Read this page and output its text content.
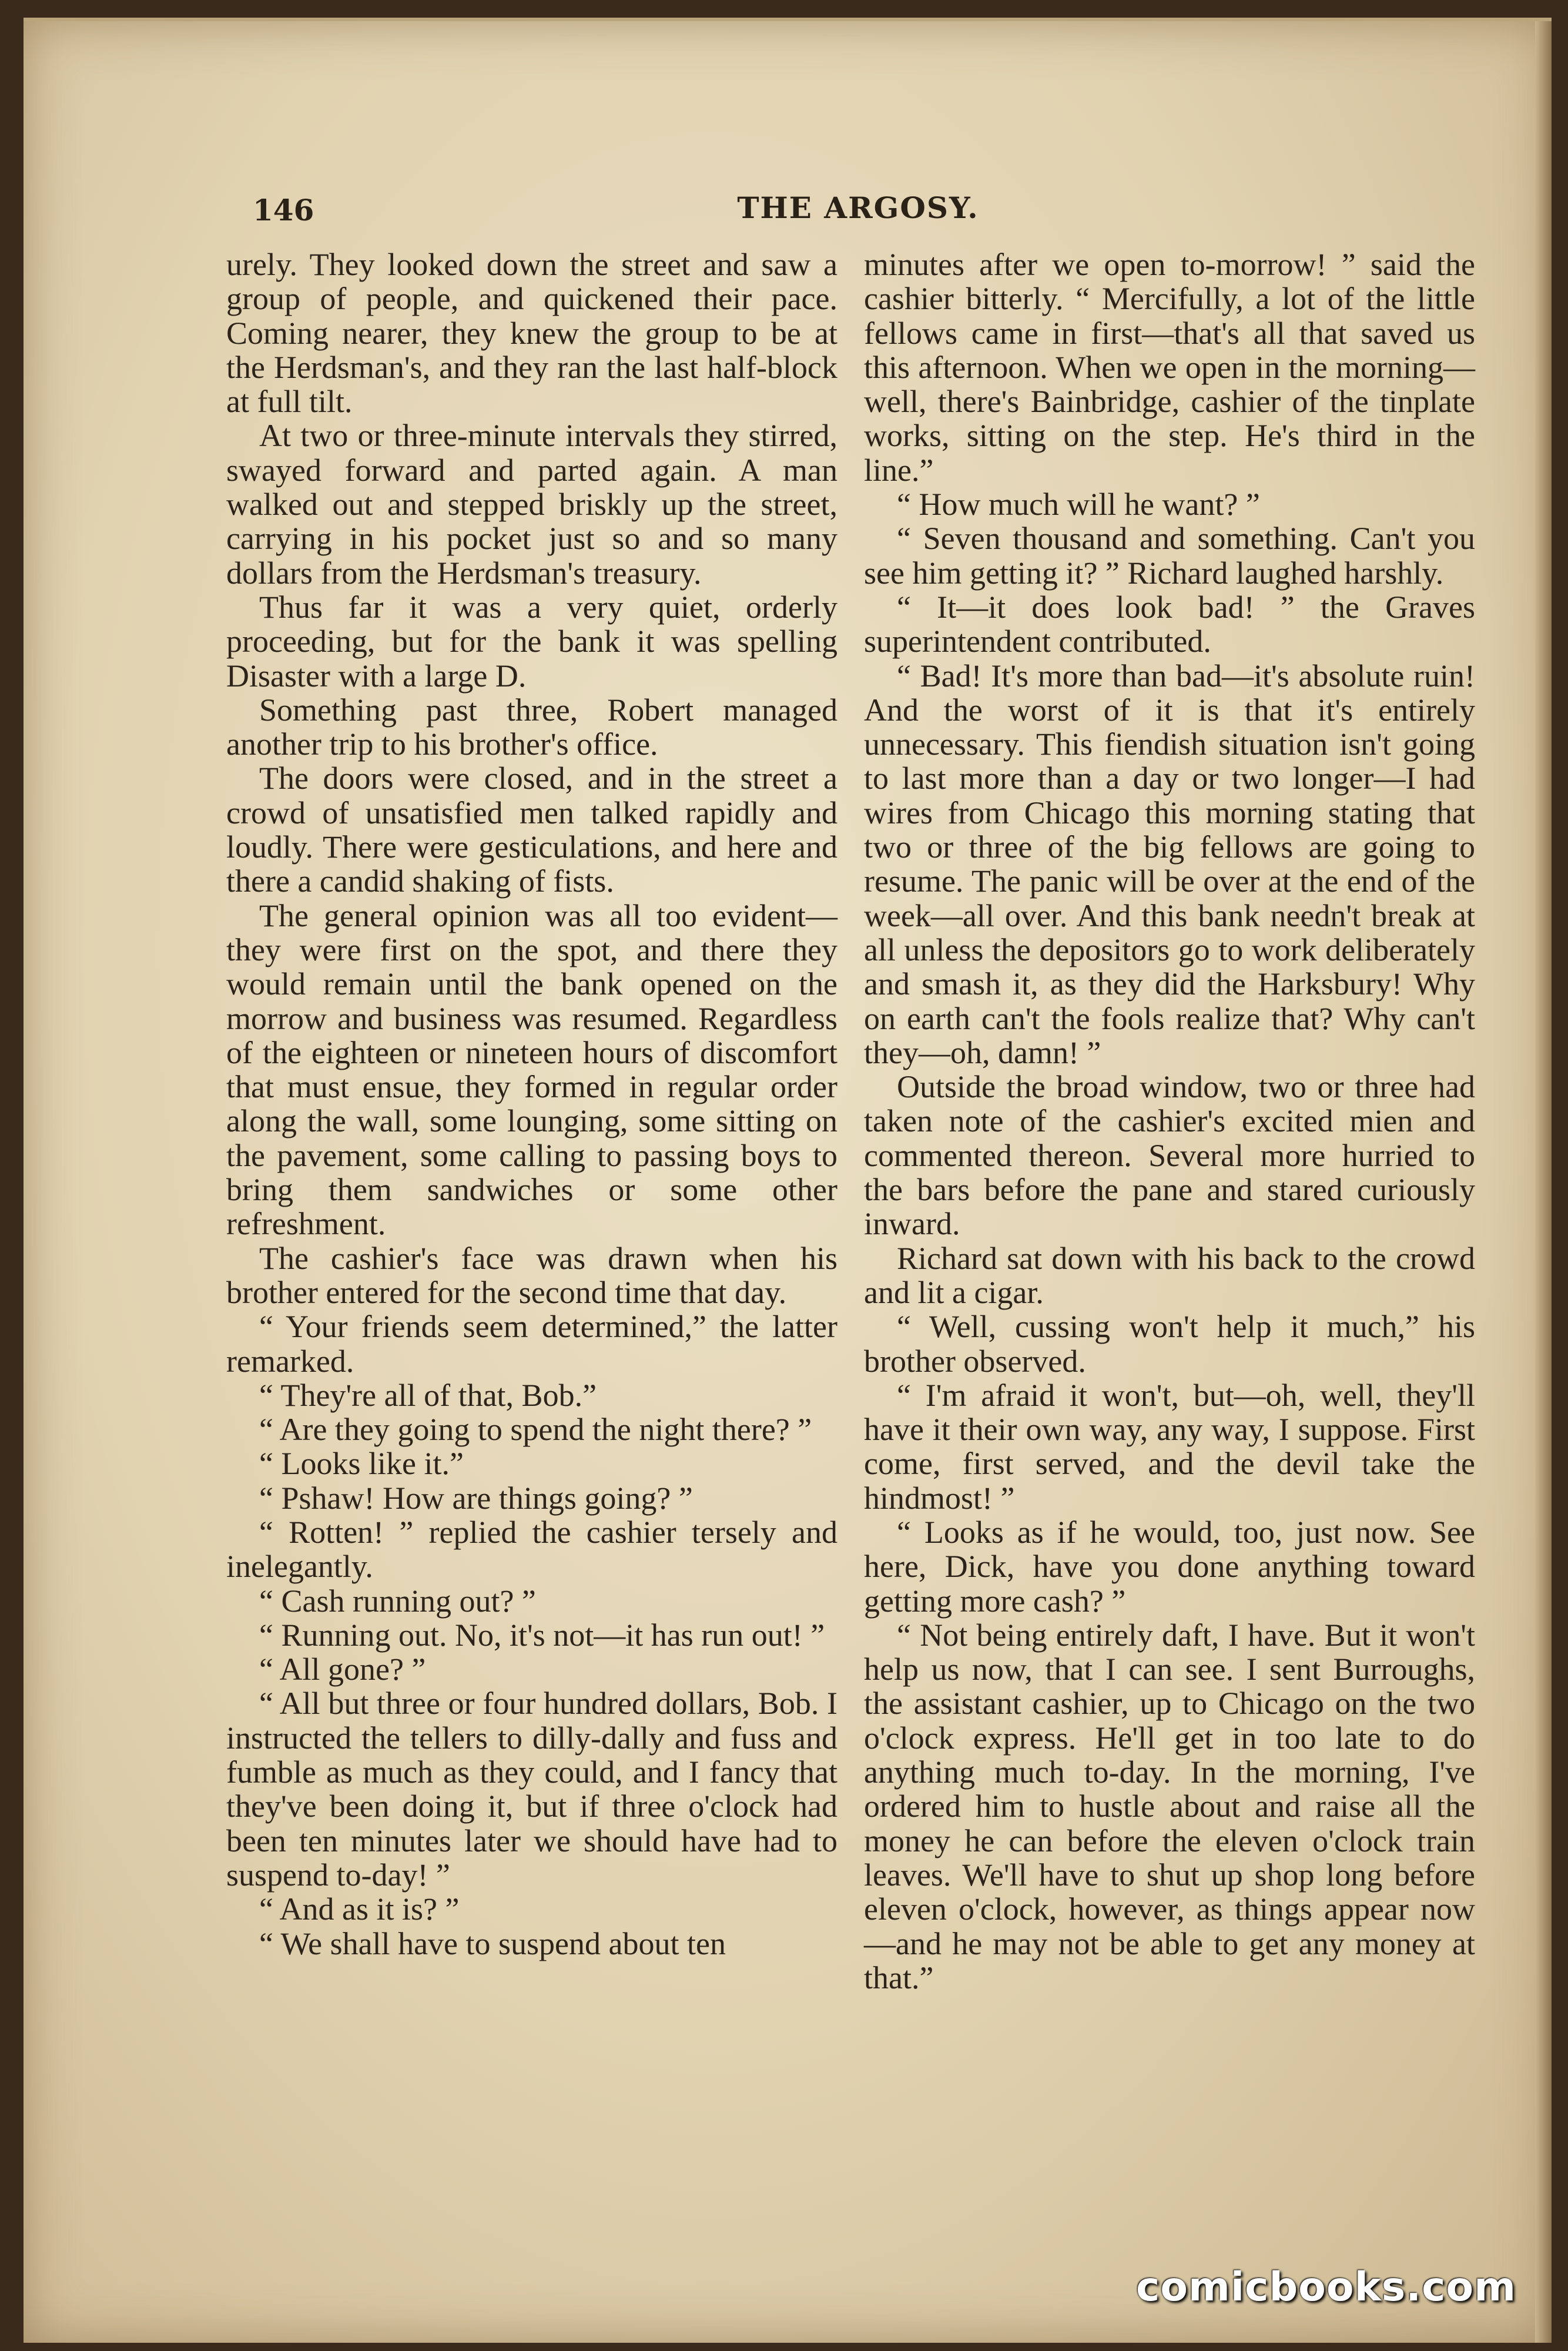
146	THE ARGOSY.

urely. They looked down the street and saw a group of people, and quickened their pace. Coming nearer, they knew the group to be at the Herdsman's, and they ran the last half-block at full tilt.

At two or three-minute intervals they stirred, swayed forward and parted again. A man walked out and stepped briskly up the street, carrying in his pocket just so and so many dollars from the Herdsman's treasury.

Thus far it was a very quiet, orderly proceeding, but for the bank it was spelling Disaster with a large D.

Something past three, Robert managed another trip to his brother's office.

The doors were closed, and in the street a crowd of unsatisfied men talked rapidly and loudly. There were gesticulations, and here and there a candid shaking of fists.

The general opinion was all too evident—they were first on the spot, and there they would remain until the bank opened on the morrow and business was resumed. Regardless of the eighteen or nineteen hours of discomfort that must ensue, they formed in regular order along the wall, some lounging, some sitting on the pavement, some calling to passing boys to bring them sandwiches or some other refreshment.

The cashier's face was drawn when his brother entered for the second time that day.

“ Your friends seem determined,” the latter remarked.

“ They're all of that, Bob.”

“ Are they going to spend the night there? ”

“ Looks like it.”

“ Pshaw! How are things going? ”

“ Rotten! ” replied the cashier tersely and inelegantly.

“ Cash running out? ”

“ Running out. No, it's not—it has run out! ”

“ All gone? ”

“ All but three or four hundred dollars, Bob. I instructed the tellers to dilly-dally and fuss and fumble as much as they could, and I fancy that they've been doing it, but if three o'clock had been ten minutes later we should have had to suspend to-day! ”

“ And as it is? ”

“ We shall have to suspend about ten

minutes after we open to-morrow! ” said the cashier bitterly. “ Mercifully, a lot of the little fellows came in first—that's all that saved us this afternoon. When we open in the morning—well, there's Bainbridge, cashier of the tinplate works, sitting on the step. He's third in the line.”

“ How much will he want? ”

“ Seven thousand and something. Can't you see him getting it? ” Richard laughed harshly.

“ It—it does look bad! ” the Graves superintendent contributed.

“ Bad! It's more than bad—it's absolute ruin! And the worst of it is that it's entirely unnecessary. This fiendish situation isn't going to last more than a day or two longer—I had wires from Chicago this morning stating that two or three of the big fellows are going to resume. The panic will be over at the end of the week—all over. And this bank needn't break at all unless the depositors go to work deliberately and smash it, as they did the Harksbury! Why on earth can't the fools realize that? Why can't they—oh, damn! ”

Outside the broad window, two or three had taken note of the cashier's excited mien and commented thereon. Several more hurried to the bars before the pane and stared curiously inward.

Richard sat down with his back to the crowd and lit a cigar.

“ Well, cussing won't help it much,” his brother observed.

“ I'm afraid it won't, but—oh, well, they'll have it their own way, any way, I suppose. First come, first served, and the devil take the hindmost! ”

“ Looks as if he would, too, just now. See here, Dick, have you done anything toward getting more cash? ”

“ Not being entirely daft, I have. But it won't help us now, that I can see. I sent Burroughs, the assistant cashier, up to Chicago on the two o'clock express. He'll get in too late to do anything much to-day. In the morning, I've ordered him to hustle about and raise all the money he can before the eleven o'clock train leaves. We'll have to shut up shop long before eleven o'clock, however, as things appear now—and he may not be able to get any money at that.”

comicbooks.com
